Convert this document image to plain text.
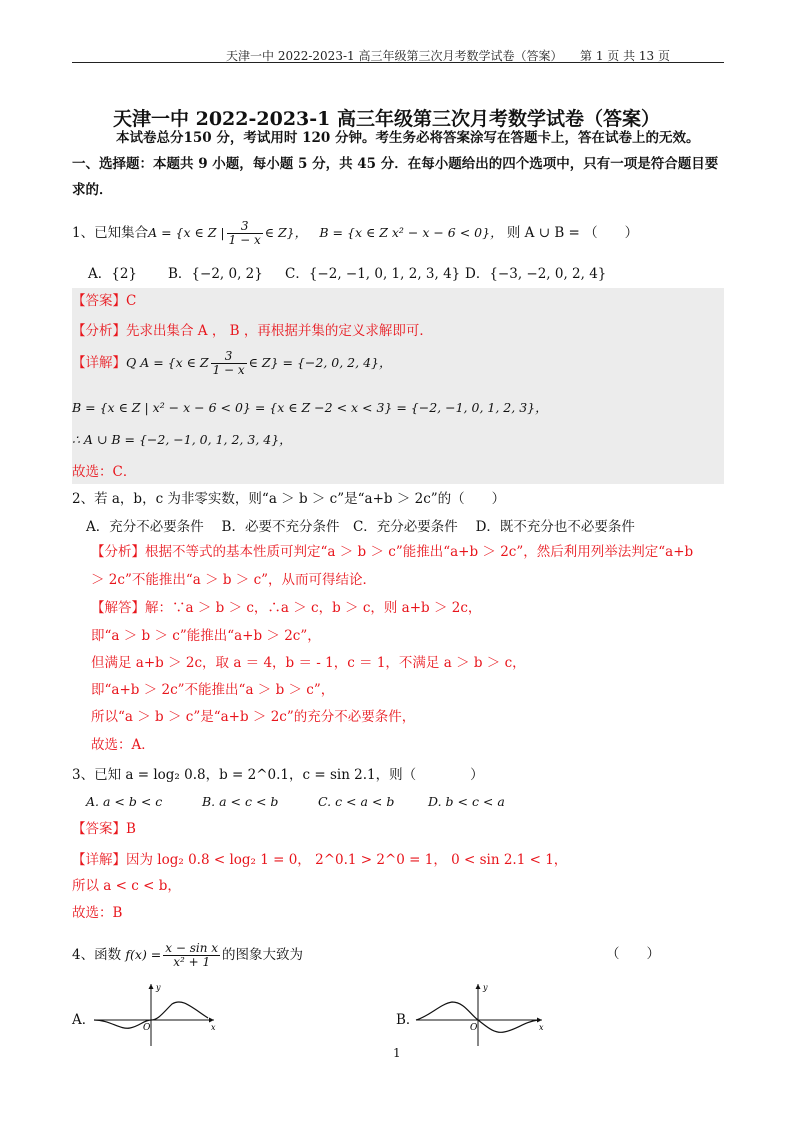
天津一中 2022-2023-1 高三年级第三次月考数学试卷（答案） 第 1 页 共 13 页
天津一中 2022-2023-1 高三年级第三次月考数学试卷（答案）
本试卷总分150 分，考试用时 120 分钟。考生务必将答案涂写在答题卡上，答在试卷上的无效。
一、选择题：本题共 9 小题，每小题 5 分，共 45 分．在每小题给出的四个选项中，只有一项是符合题目要
求的．
1、已知集合A = {x ∈ Z | $\frac{3}{1 - x}$ ∈ Z}， B = {x ∈ Z x² − x − 6 < 0}， 则 A ∪ B = （　　）
A．{2} B．{−2, 0, 2} C．{−2, −1, 0, 1, 2, 3, 4} D．{−3, −2, 0, 2, 4}
【答案】C
【分析】先求出集合 A ， B ，再根据并集的定义求解即可．
【详解】Q A = {x ∈ Z $\frac{3}{1 - x}$ ∈ Z} = {−2, 0, 2, 4}，
B = {x ∈ Z | x² − x − 6 < 0} = {x ∈ Z −2 < x < 3} = {−2, −1, 0, 1, 2, 3}，
∴ A ∪ B = {−2, −1, 0, 1, 2, 3, 4}，
故选：C．
2、若 a，b，c 为非零实数，则“a ＞ b ＞ c”是“a+b ＞ 2c”的（　　）
A．充分不必要条件　 B．必要不充分条件　C．充分必要条件　 D．既不充分也不必要条件
【分析】根据不等式的基本性质可判定“a ＞ b ＞ c”能推出“a+b ＞ 2c”，然后利用列举法判定“a+b
＞ 2c”不能推出“a ＞ b ＞ c”，从而可得结论．
【解答】解：∵a ＞ b ＞ c，∴a ＞ c，b ＞ c，则 a+b ＞ 2c，
即“a ＞ b ＞ c”能推出“a+b ＞ 2c”，
但满足 a+b ＞ 2c，取 a ＝ 4，b ＝ - 1，c ＝ 1，不满足 a ＞ b ＞ c，
即“a+b ＞ 2c”不能推出“a ＞ b ＞ c”，
所以“a ＞ b ＞ c”是“a+b ＞ 2c”的充分不必要条件，
故选：A．
3、已知 a = log₂ 0.8，b = 2^0.1，c = sin 2.1，则（　　　　）
A. a < b < c	B. a < c < b	C. c < a < b	D. b < c < a
【答案】B
【详解】因为 log₂ 0.8 < log₂ 1 = 0， 2^0.1 > 2^0 = 1， 0 < sin 2.1 < 1，
所以 a < c < b，
故选：B
4、函数 $f(x) = \frac{\text{x − sin x}}{\text{x² + 1}}$ 的图象大致为	（　　）
A．	B．
y
x
O
y
x
O
1
